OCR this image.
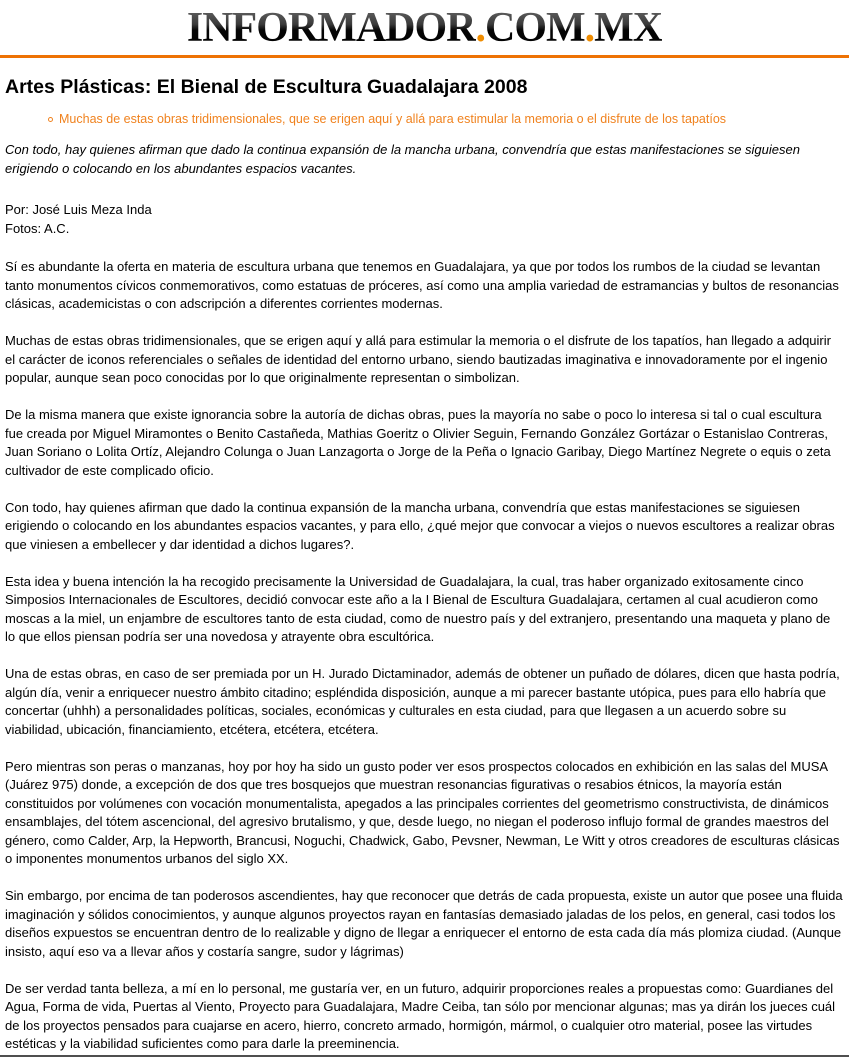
INFORMADOR.COM.MX
Artes Plásticas: El Bienal de Escultura Guadalajara 2008
Muchas de estas obras tridimensionales, que se erigen aquí y allá para estimular la memoria o el disfrute de los tapatíos

Con todo, hay quienes afirman que dado la continua expansión de la mancha urbana, convendría que estas manifestaciones se siguiesen erigiendo o colocando en los abundantes espacios vacantes.

Por: José Luis Meza Inda
Fotos: A.C.

Sí es abundante la oferta en materia de escultura urbana que tenemos en Guadalajara, ya que por todos los rumbos de la ciudad se levantan tanto monumentos cívicos conmemorativos, como estatuas de próceres, así como una amplia variedad de estramancias y bultos de resonancias clásicas, academicistas o con adscripción a diferentes corrientes modernas.

Muchas de estas obras tridimensionales, que se erigen aquí y allá para estimular la memoria o el disfrute de los tapatíos, han llegado a adquirir el carácter de iconos referenciales o señales de identidad del entorno urbano, siendo bautizadas imaginativa e innovadoramente por el ingenio popular, aunque sean poco conocidas por lo que originalmente representan o simbolizan.

De la misma manera que existe ignorancia sobre la autoría de dichas obras, pues la mayoría no sabe o poco lo interesa si tal o cual escultura fue creada por Miguel Miramontes o Benito Castañeda, Mathias Goeritz o Olivier Seguin, Fernando González Gortázar o Estanislao Contreras, Juan Soriano o Lolita Ortíz, Alejandro Colunga o Juan Lanzagorta o Jorge de la Peña o Ignacio Garibay, Diego Martínez Negrete o equis o zeta cultivador de este complicado oficio.

Con todo, hay quienes afirman que dado la continua expansión de la mancha urbana, convendría que estas manifestaciones se siguiesen erigiendo o colocando en los abundantes espacios vacantes, y para ello, ¿qué mejor que convocar a viejos o nuevos escultores a realizar obras que viniesen a embellecer y dar identidad a dichos lugares?.

Esta idea y buena intención la ha recogido precisamente la Universidad de Guadalajara, la cual, tras haber organizado exitosamente cinco Simposios Internacionales de Escultores, decidió convocar este año a la I Bienal de Escultura Guadalajara, certamen al cual acudieron como moscas a la miel, un enjambre de escultores tanto de esta ciudad, como de nuestro país y del extranjero, presentando una maqueta y plano de lo que ellos piensan podría ser una novedosa y atrayente obra escultórica.

Una de estas obras, en caso de ser premiada por un H. Jurado Dictaminador, además de obtener un puñado de dólares, dicen que hasta podría, algún día, venir a enriquecer nuestro ámbito citadino; espléndida disposición, aunque a mi parecer bastante utópica, pues para ello habría que concertar (uhhh) a personalidades políticas, sociales, económicas y culturales en esta ciudad, para que llegasen a un acuerdo sobre su viabilidad, ubicación, financiamiento, etcétera, etcétera, etcétera.

Pero mientras son peras o manzanas, hoy por hoy ha sido un gusto poder ver esos prospectos colocados en exhibición en las salas del MUSA (Juárez 975) donde, a excepción de dos que tres bosquejos que muestran resonancias figurativas o resabios étnicos, la mayoría están constituidos por volúmenes con vocación monumentalista, apegados a las principales corrientes del geometrismo constructivista, de dinámicos ensamblajes, del tótem ascencional, del agresivo brutalismo, y que, desde luego, no niegan el poderoso influjo formal de grandes maestros del género, como Calder, Arp, la Hepworth, Brancusi, Noguchi, Chadwick, Gabo, Pevsner, Newman, Le Witt y otros creadores de esculturas clásicas o imponentes monumentos urbanos del siglo XX.

Sin embargo, por encima de tan poderosos ascendientes, hay que reconocer que detrás de cada propuesta, existe un autor que posee una fluida imaginación y sólidos conocimientos, y aunque algunos proyectos rayan en fantasías demasiado jaladas de los pelos, en general, casi todos los diseños expuestos se encuentran dentro de lo realizable y digno de llegar a enriquecer el entorno de esta cada día más plomiza ciudad. (Aunque insisto, aquí eso va a llevar años y costaría sangre, sudor y lágrimas)

De ser verdad tanta belleza, a mí en lo personal, me gustaría ver, en un futuro, adquirir proporciones reales a propuestas como: Guardianes del Agua, Forma de vida, Puertas al Viento, Proyecto para Guadalajara, Madre Ceiba, tan sólo por mencionar algunas; mas ya dirán los jueces cuál de los proyectos pensados para cuajarse en acero, hierro, concreto armado, hormigón, mármol, o cualquier otro material, posee las virtudes estéticas y la viabilidad suficientes como para darle la preeminencia.
